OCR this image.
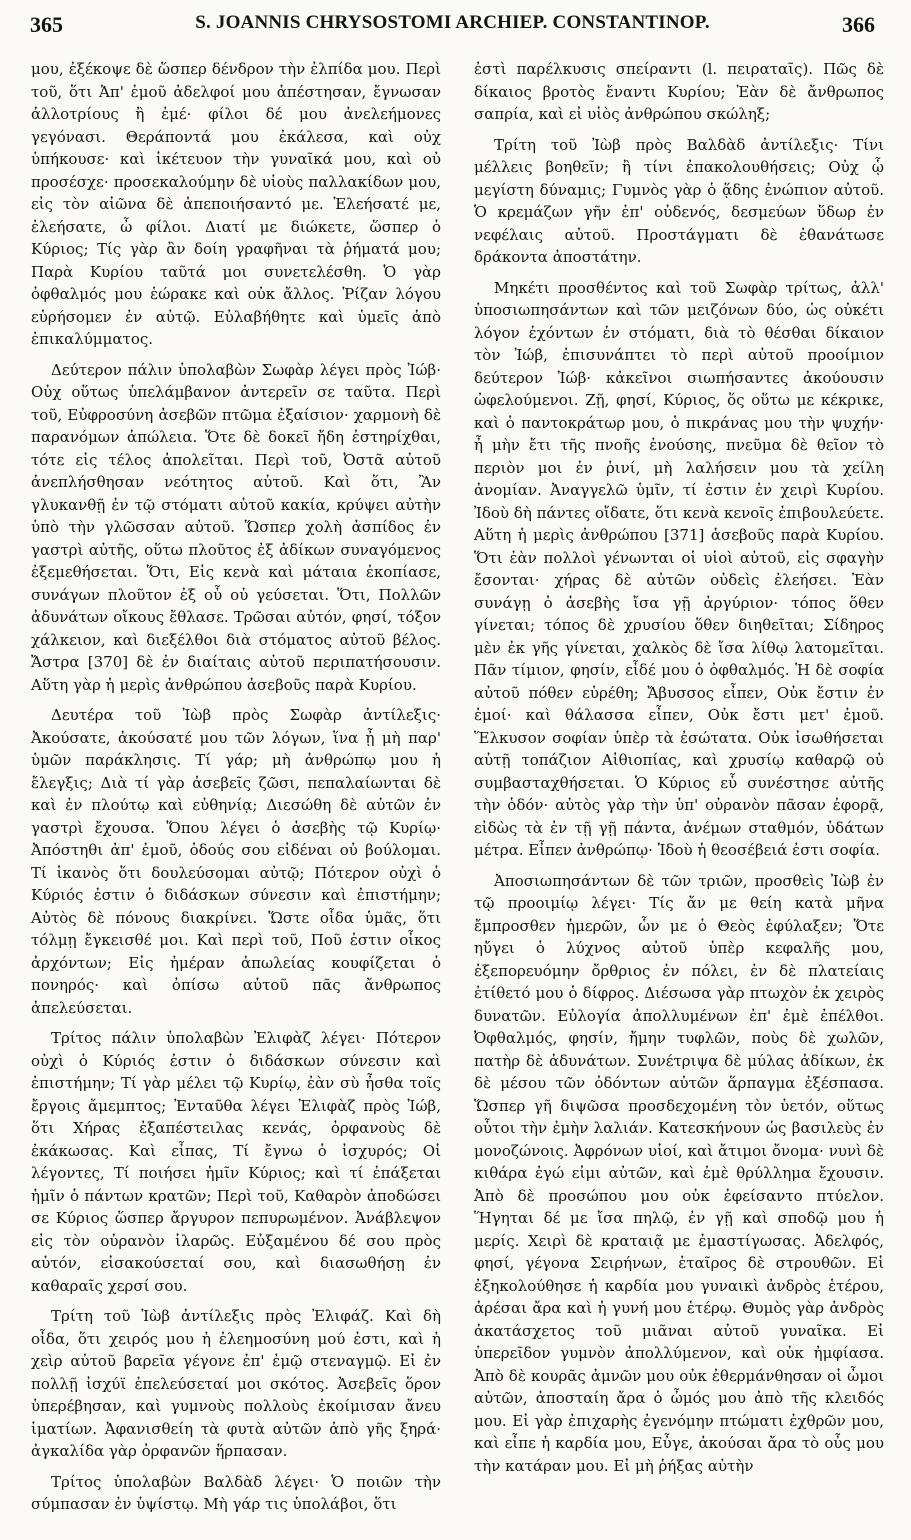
365	S. JOANNIS CHRYSOSTOMI ARCHIEP. CONSTANTINOP.	366

μου, ἐξέκοψε δὲ ὥσπερ δένδρον τὴν ἐλπίδα μου. Περὶ τοῦ, ὅτι Ἀπ' ἐμοῦ ἀδελφοί μου ἀπέστησαν, ἔγνωσαν ἀλλοτρίους ἢ ἐμέ· φίλοι δέ μου ἀνελεήμονες γεγόνασι. Θεράποντά μου ἐκάλεσα, καὶ οὐχ ὑπήκουσε· καὶ ἱκέτευον τὴν γυναῖκά μου, καὶ οὐ προσέσχε· προσεκαλούμην δὲ υἱοὺς παλλακίδων μου, εἰς τὸν αἰῶνα δὲ ἀπεποιήσαντό με. Ἐλεήσατέ με, ἐλεήσατε, ὦ φίλοι. Διατί με διώκετε, ὥσπερ ὁ Κύριος; Τίς γὰρ ἂν δοίη γραφῆναι τὰ ῥήματά μου; Παρὰ Κυρίου ταῦτά μοι συνετελέσθη. Ὁ γὰρ ὀφθαλμός μου ἑώρακε καὶ οὐκ ἄλλος. Ῥίζαν λόγου εὑρήσομεν ἐν αὐτῷ. Εὐλαβήθητε καὶ ὑμεῖς ἀπὸ ἐπικαλύμματος.

Δεύτερον πάλιν ὑπολαβὼν Σωφὰρ λέγει πρὸς Ἰώβ· Οὐχ οὕτως ὑπελάμβανον ἀντερεῖν σε ταῦτα. Περὶ τοῦ, Εὐφροσύνη ἀσεβῶν πτῶμα ἐξαίσιον· χαρμονὴ δὲ παρανόμων ἀπώλεια. Ὅτε δὲ δοκεῖ ἤδη ἐστηρίχθαι, τότε εἰς τέλος ἀπολεῖται. Περὶ τοῦ, Ὀστᾶ αὐτοῦ ἀνεπλήσθησαν νεότητος αὐτοῦ. Καὶ ὅτι, Ἂν γλυκανθῇ ἐν τῷ στόματι αὐτοῦ κακία, κρύψει αὐτὴν ὑπὸ τὴν γλῶσσαν αὐτοῦ. Ὥσπερ χολὴ ἀσπίδος ἐν γαστρὶ αὐτῆς, οὕτω πλοῦτος ἐξ ἀδίκων συναγόμενος ἐξεμεθήσεται. Ὅτι, Εἰς κενὰ καὶ μάταια ἐκοπίασε, συνάγων πλοῦτον ἐξ οὗ οὐ γεύσεται. Ὅτι, Πολλῶν ἀδυνάτων οἴκους ἔθλασε. Τρῶσαι αὐτόν, φησί, τόξον χάλκειον, καὶ διεξέλθοι διὰ στόματος αὐτοῦ βέλος. Ἄστρα [370] δὲ ἐν διαίταις αὐτοῦ περιπατήσουσιν. Αὕτη γὰρ ἡ μερὶς ἀνθρώπου ἀσεβοῦς παρὰ Κυρίου.

Δευτέρα τοῦ Ἰὼβ πρὸς Σωφὰρ ἀντίλεξις· Ἀκούσατε, ἀκούσατέ μου τῶν λόγων, ἵνα ᾖ μὴ παρ' ὑμῶν παράκλησις. Τί γάρ; μὴ ἀνθρώπῳ μου ἡ ἔλεγξις; Διὰ τί γὰρ ἀσεβεῖς ζῶσι, πεπαλαίωνται δὲ καὶ ἐν πλούτῳ καὶ εὐθηνίᾳ; Διεσώθη δὲ αὐτῶν ἐν γαστρὶ ἔχουσα. Ὅπου λέγει ὁ ἀσεβὴς τῷ Κυρίῳ· Ἀπόστηθι ἀπ' ἐμοῦ, ὁδούς σου εἰδέναι οὐ βούλομαι. Τί ἱκανὸς ὅτι δουλεύσομαι αὐτῷ; Πότερον οὐχὶ ὁ Κύριός ἐστιν ὁ διδάσκων σύνεσιν καὶ ἐπιστήμην; Αὐτὸς δὲ πόνους διακρίνει. Ὥστε οἶδα ὑμᾶς, ὅτι τόλμῃ ἔγκεισθέ μοι. Καὶ περὶ τοῦ, Ποῦ ἐστιν οἶκος ἀρχόντων; Εἰς ἡμέραν ἀπωλείας κουφίζεται ὁ πονηρός· καὶ ὀπίσω αὐτοῦ πᾶς ἄνθρωπος ἀπελεύσεται.

Τρίτος πάλιν ὑπολαβὼν Ἐλιφὰζ λέγει· Πότερον οὐχὶ ὁ Κύριός ἐστιν ὁ διδάσκων σύνεσιν καὶ ἐπιστήμην; Τί γὰρ μέλει τῷ Κυρίῳ, ἐὰν σὺ ἦσθα τοῖς ἔργοις ἄμεμπτος; Ἐνταῦθα λέγει Ἐλιφὰζ πρὸς Ἰώβ, ὅτι Χήρας ἐξαπέστειλας κενάς, ὀρφανοὺς δὲ ἐκάκωσας. Καὶ εἶπας, Τί ἔγνω ὁ ἰσχυρός; Οἱ λέγοντες, Τί ποιήσει ἡμῖν Κύριος; καὶ τί ἐπάξεται ἡμῖν ὁ πάντων κρατῶν; Περὶ τοῦ, Καθαρὸν ἀποδώσει σε Κύριος ὥσπερ ἄργυρον πεπυρωμένον. Ἀνάβλεψον εἰς τὸν οὐρανὸν ἱλαρῶς. Εὐξαμένου δέ σου πρὸς αὐτόν, εἰσακούσεταί σου, καὶ διασωθήσῃ ἐν καθαραῖς χερσί σου.

Τρίτη τοῦ Ἰὼβ ἀντίλεξις πρὸς Ἐλιφάζ. Καὶ δὴ οἶδα, ὅτι χειρός μου ἡ ἐλεημοσύνη μού ἐστι, καὶ ἡ χεὶρ αὐτοῦ βαρεῖα γέγονε ἐπ' ἐμῷ στεναγμῷ. Εἰ ἐν πολλῇ ἰσχύϊ ἐπελεύσεταί μοι σκότος. Ἀσεβεῖς ὅρον ὑπερέβησαν, καὶ γυμνοὺς πολλοὺς ἐκοίμισαν ἄνευ ἱματίων. Ἀφανισθείη τὰ φυτὰ αὐτῶν ἀπὸ γῆς ξηρά· ἀγκαλίδα γὰρ ὀρφανῶν ἥρπασαν.

Τρίτος ὑπολαβὼν Βαλδὰδ λέγει· Ὁ ποιῶν τὴν σύμπασαν ἐν ὑψίστῳ. Μὴ γάρ τις ὑπολάβοι, ὅτι

ἐστὶ παρέλκυσις σπείραντι (l. πειραταῖς). Πῶς δὲ δίκαιος βροτὸς ἔναντι Κυρίου; Ἐὰν δὲ ἄνθρωπος σαπρία, καὶ εἰ υἱὸς ἀνθρώπου σκώληξ;

Τρίτη τοῦ Ἰὼβ πρὸς Βαλδὰδ ἀντίλεξις· Τίνι μέλλεις βοηθεῖν; ἢ τίνι ἐπακολουθήσεις; Οὐχ ᾧ μεγίστη δύναμις; Γυμνὸς γὰρ ὁ ᾅδης ἐνώπιον αὐτοῦ. Ὁ κρεμάζων γῆν ἐπ' οὐδενός, δεσμεύων ὕδωρ ἐν νεφέλαις αὐτοῦ. Προστάγματι δὲ ἐθανάτωσε δράκοντα ἀποστάτην.

Μηκέτι προσθέντος καὶ τοῦ Σωφὰρ τρίτως, ἀλλ' ὑποσιωπησάντων καὶ τῶν μειζόνων δύο, ὡς οὐκέτι λόγον ἐχόντων ἐν στόματι, διὰ τὸ θέσθαι δίκαιον τὸν Ἰώβ, ἐπισυνάπτει τὸ περὶ αὐτοῦ προοίμιον δεύτερον Ἰώβ· κἀκεῖνοι σιωπήσαντες ἀκούουσιν ὠφελούμενοι. Ζῇ, φησί, Κύριος, ὅς οὕτω με κέκρικε, καὶ ὁ παντοκράτωρ μου, ὁ πικράνας μου τὴν ψυχήν· ἦ μὴν ἔτι τῆς πνοῆς ἐνούσης, πνεῦμα δὲ θεῖον τὸ περιὸν μοι ἐν ῥινί, μὴ λαλήσειν μου τὰ χείλη ἀνομίαν. Ἀναγγελῶ ὑμῖν, τί ἐστιν ἐν χειρὶ Κυρίου. Ἰδοὺ δὴ πάντες οἴδατε, ὅτι κενὰ κενοῖς ἐπιβουλεύετε. Αὕτη ἡ μερὶς ἀνθρώπου [371] ἀσεβοῦς παρὰ Κυρίου. Ὅτι ἐὰν πολλοὶ γένωνται οἱ υἱοὶ αὐτοῦ, εἰς σφαγὴν ἔσονται· χήρας δὲ αὐτῶν οὐδεὶς ἐλεήσει. Ἐὰν συνάγῃ ὁ ἀσεβὴς ἴσα γῇ ἀργύριον· τόπος ὅθεν γίνεται; τόπος δὲ χρυσίου ὅθεν διηθεῖται; Σίδηρος μὲν ἐκ γῆς γίνεται, χαλκὸς δὲ ἴσα λίθῳ λατομεῖται. Πᾶν τίμιον, φησίν, εἶδέ μου ὁ ὀφθαλμός. Ἡ δὲ σοφία αὐτοῦ πόθεν εὑρέθη; Ἄβυσσος εἶπεν, Οὐκ ἔστιν ἐν ἐμοί· καὶ θάλασσα εἶπεν, Οὐκ ἔστι μετ' ἐμοῦ. Ἕλκυσον σοφίαν ὑπὲρ τὰ ἐσώτατα. Οὐκ ἰσωθήσεται αὐτῇ τοπάζιον Αἰθιοπίας, καὶ χρυσίῳ καθαρῷ οὐ συμβασταχθήσεται. Ὁ Κύριος εὖ συνέστησε αὐτῆς τὴν ὁδόν· αὐτὸς γὰρ τὴν ὑπ' οὐρανὸν πᾶσαν ἐφορᾷ, εἰδὼς τὰ ἐν τῇ γῇ πάντα, ἀνέμων σταθμόν, ὑδάτων μέτρα. Εἶπεν ἀνθρώπῳ· Ἰδοὺ ἡ θεοσέβειά ἐστι σοφία.

Ἀποσιωπησάντων δὲ τῶν τριῶν, προσθεὶς Ἰὼβ ἐν τῷ προοιμίῳ λέγει· Τίς ἄν με θείη κατὰ μῆνα ἔμπροσθεν ἡμερῶν, ὧν με ὁ Θεὸς ἐφύλαξεν; Ὅτε ηὔγει ὁ λύχνος αὐτοῦ ὑπὲρ κεφαλῆς μου, ἐξεπορευόμην ὄρθριος ἐν πόλει, ἐν δὲ πλατείαις ἐτίθετό μου ὁ δίφρος. Διέσωσα γὰρ πτωχὸν ἐκ χειρὸς δυνατῶν. Εὐλογία ἀπολλυμένων ἐπ' ἐμὲ ἐπέλθοι. Ὀφθαλμός, φησίν, ἤμην τυφλῶν, ποὺς δὲ χωλῶν, πατὴρ δὲ ἀδυνάτων. Συνέτριψα δὲ μύλας ἀδίκων, ἐκ δὲ μέσου τῶν ὀδόντων αὐτῶν ἅρπαγμα ἐξέσπασα. Ὥσπερ γῆ διψῶσα προσδεχομένη τὸν ὑετόν, οὕτως οὗτοι τὴν ἐμὴν λαλιάν. Κατεσκήνουν ὡς βασιλεὺς ἐν μονοζώνοις. Ἀφρόνων υἱοί, καὶ ἄτιμοι ὄνομα· νυνὶ δὲ κιθάρα ἐγώ εἰμι αὐτῶν, καὶ ἐμὲ θρύλλημα ἔχουσιν. Ἀπὸ δὲ προσώπου μου οὐκ ἐφείσαντο πτύελον. Ἥγηται δέ με ἴσα πηλῷ, ἐν γῇ καὶ σποδῷ μου ἡ μερίς. Χειρὶ δὲ κραταιᾷ με ἐμαστίγωσας. Ἀδελφός, φησί, γέγονα Σειρήνων, ἑταῖρος δὲ στρουθῶν. Εἰ ἐξηκολούθησε ἡ καρδία μου γυναικὶ ἀνδρὸς ἑτέρου, ἀρέσαι ἄρα καὶ ἡ γυνή μου ἑτέρῳ. Θυμὸς γὰρ ἀνδρὸς ἀκατάσχετος τοῦ μιᾶναι αὐτοῦ γυναῖκα. Εἰ ὑπερεῖδον γυμνὸν ἀπολλύμενον, καὶ οὐκ ἠμφίασα. Ἀπὸ δὲ κουρᾶς ἀμνῶν μου οὐκ ἐθερμάνθησαν οἱ ὦμοι αὐτῶν, ἀποσταίη ἄρα ὁ ὦμός μου ἀπὸ τῆς κλειδός μου. Εἰ γὰρ ἐπιχαρὴς ἐγενόμην πτώματι ἐχθρῶν μου, καὶ εἶπε ἡ καρδία μου, Εὖγε, ἀκούσαι ἄρα τὸ οὖς μου τὴν κατάραν μου. Εἰ μὴ ῥήξας αὐτὴν
